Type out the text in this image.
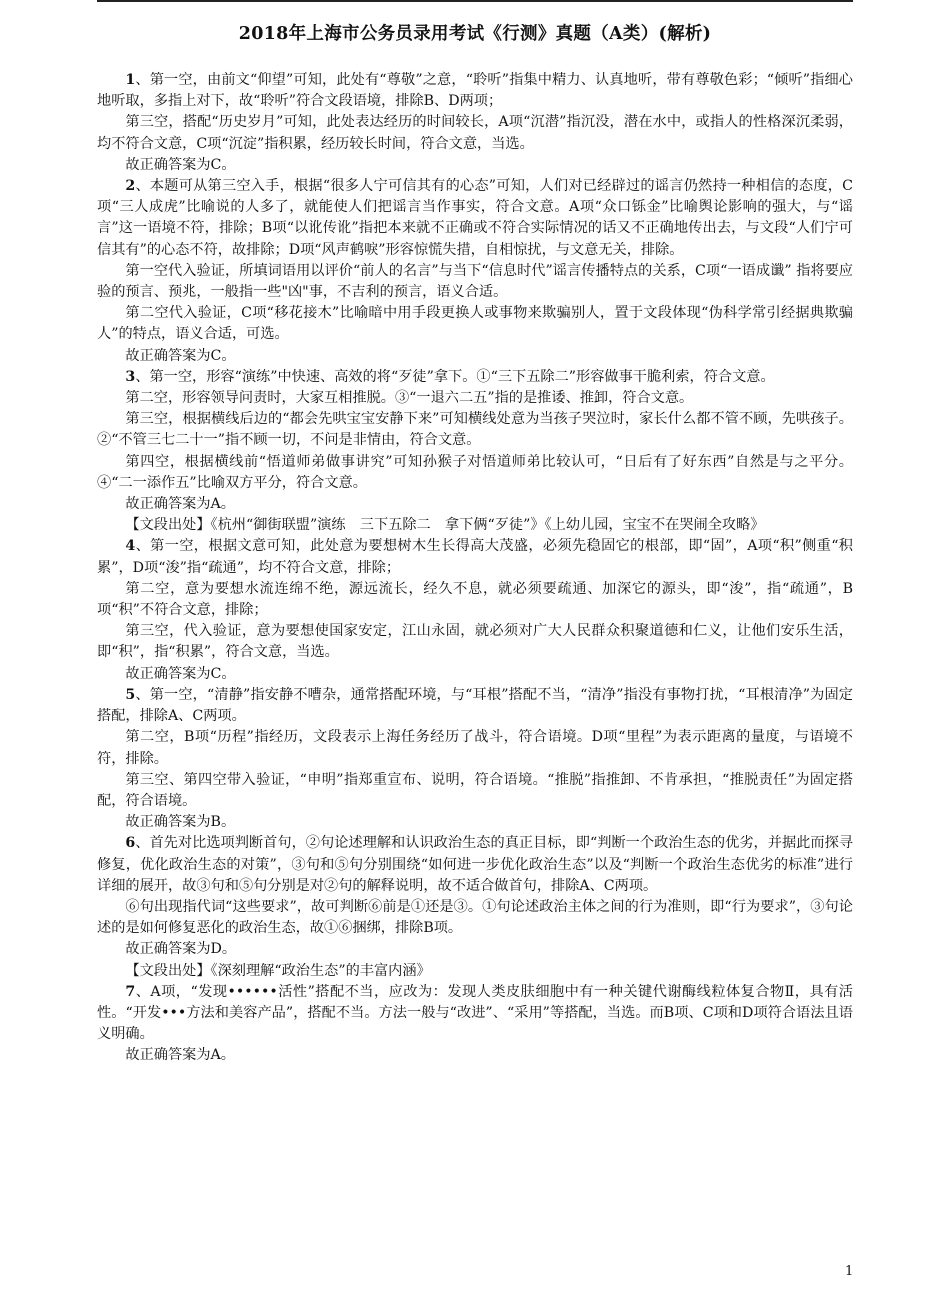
2018年上海市公务员录用考试《行测》真题（A类）(解析)

1、第一空，由前文“仰望”可知，此处有“尊敬”之意，“聆听”指集中精力、认真地听，带有尊敬色彩；“倾听”指细心地听取，多指上对下，故“聆听”符合文段语境，排除B、D两项；

第三空，搭配“历史岁月”可知，此处表达经历的时间较长，A项“沉潜”指沉没，潜在水中，或指人的性格深沉柔弱，均不符合文意，C项“沉淀”指积累，经历较长时间，符合文意，当选。

故正确答案为C。

2、本题可从第三空入手，根据“很多人宁可信其有的心态”可知，人们对已经辟过的谣言仍然持一种相信的态度，C项“三人成虎”比喻说的人多了，就能使人们把谣言当作事实，符合文意。A项“众口铄金”比喻舆论影响的强大，与“谣言”这一语境不符，排除；B项“以讹传讹”指把本来就不正确或不符合实际情况的话又不正确地传出去，与文段“人们宁可信其有”的心态不符，故排除；D项“风声鹤唳”形容惊慌失措，自相惊扰，与文意无关，排除。

第一空代入验证，所填词语用以评价“前人的名言”与当下“信息时代”谣言传播特点的关系，C项“一语成谶” 指将要应验的预言、预兆，一般指一些"凶"事，不吉利的预言，语义合适。

第二空代入验证，C项“移花接木”比喻暗中用手段更换人或事物来欺骗别人，置于文段体现“伪科学常引经据典欺骗人”的特点，语义合适，可选。

故正确答案为C。

3、第一空，形容“演练”中快速、高效的将“歹徒”拿下。①“三下五除二”形容做事干脆利索，符合文意。

第二空，形容领导问责时，大家互相推脱。③“一退六二五”指的是推诿、推卸，符合文意。

第三空，根据横线后边的“都会先哄宝宝安静下来”可知横线处意为当孩子哭泣时，家长什么都不管不顾，先哄孩子。②“不管三七二十一”指不顾一切，不问是非情由，符合文意。

第四空，根据横线前“悟道师弟做事讲究”可知孙猴子对悟道师弟比较认可，“日后有了好东西”自然是与之平分。④“二一添作五”比喻双方平分，符合文意。

故正确答案为A。

【文段出处】《杭州“御街联盟”演练　三下五除二　拿下俩“歹徒”》《上幼儿园，宝宝不在哭闹全攻略》

4、第一空，根据文意可知，此处意为要想树木生长得高大茂盛，必须先稳固它的根部，即“固”，A项“积”侧重“积累”，D项“浚”指“疏通”，均不符合文意，排除；

第二空，意为要想水流连绵不绝，源远流长，经久不息，就必须要疏通、加深它的源头，即“浚”，指“疏通”，B项“积”不符合文意，排除；

第三空，代入验证，意为要想使国家安定，江山永固，就必须对广大人民群众积聚道德和仁义，让他们安乐生活，即“积”，指“积累”，符合文意，当选。

故正确答案为C。

5、第一空，“清静”指安静不嘈杂，通常搭配环境，与“耳根”搭配不当，“清净”指没有事物打扰，“耳根清净”为固定搭配，排除A、C两项。

第二空，B项“历程”指经历，文段表示上海任务经历了战斗，符合语境。D项“里程”为表示距离的量度，与语境不符，排除。

第三空、第四空带入验证，“申明”指郑重宣布、说明，符合语境。“推脱”指推卸、不肯承担，“推脱责任”为固定搭配，符合语境。

故正确答案为B。

6、首先对比选项判断首句，②句论述理解和认识政治生态的真正目标，即“判断一个政治生态的优劣，并据此而探寻修复，优化政治生态的对策”，③句和⑤句分别围绕“如何进一步优化政治生态”以及“判断一个政治生态优劣的标准”进行详细的展开，故③句和⑤句分别是对②句的解释说明，故不适合做首句，排除A、C两项。

⑥句出现指代词“这些要求”，故可判断⑥前是①还是③。①句论述政治主体之间的行为准则，即“行为要求”，③句论述的是如何修复恶化的政治生态，故①⑥捆绑，排除B项。

故正确答案为D。

【文段出处】《深刻理解“政治生态”的丰富内涵》

7、A项，“发现••••••活性”搭配不当，应改为：发现人类皮肤细胞中有一种关键代谢酶线粒体复合物Ⅱ，具有活性。“开发•••方法和美容产品”，搭配不当。方法一般与“改进”、“采用”等搭配，当选。而B项、C项和D项符合语法且语义明确。

故正确答案为A。

1
